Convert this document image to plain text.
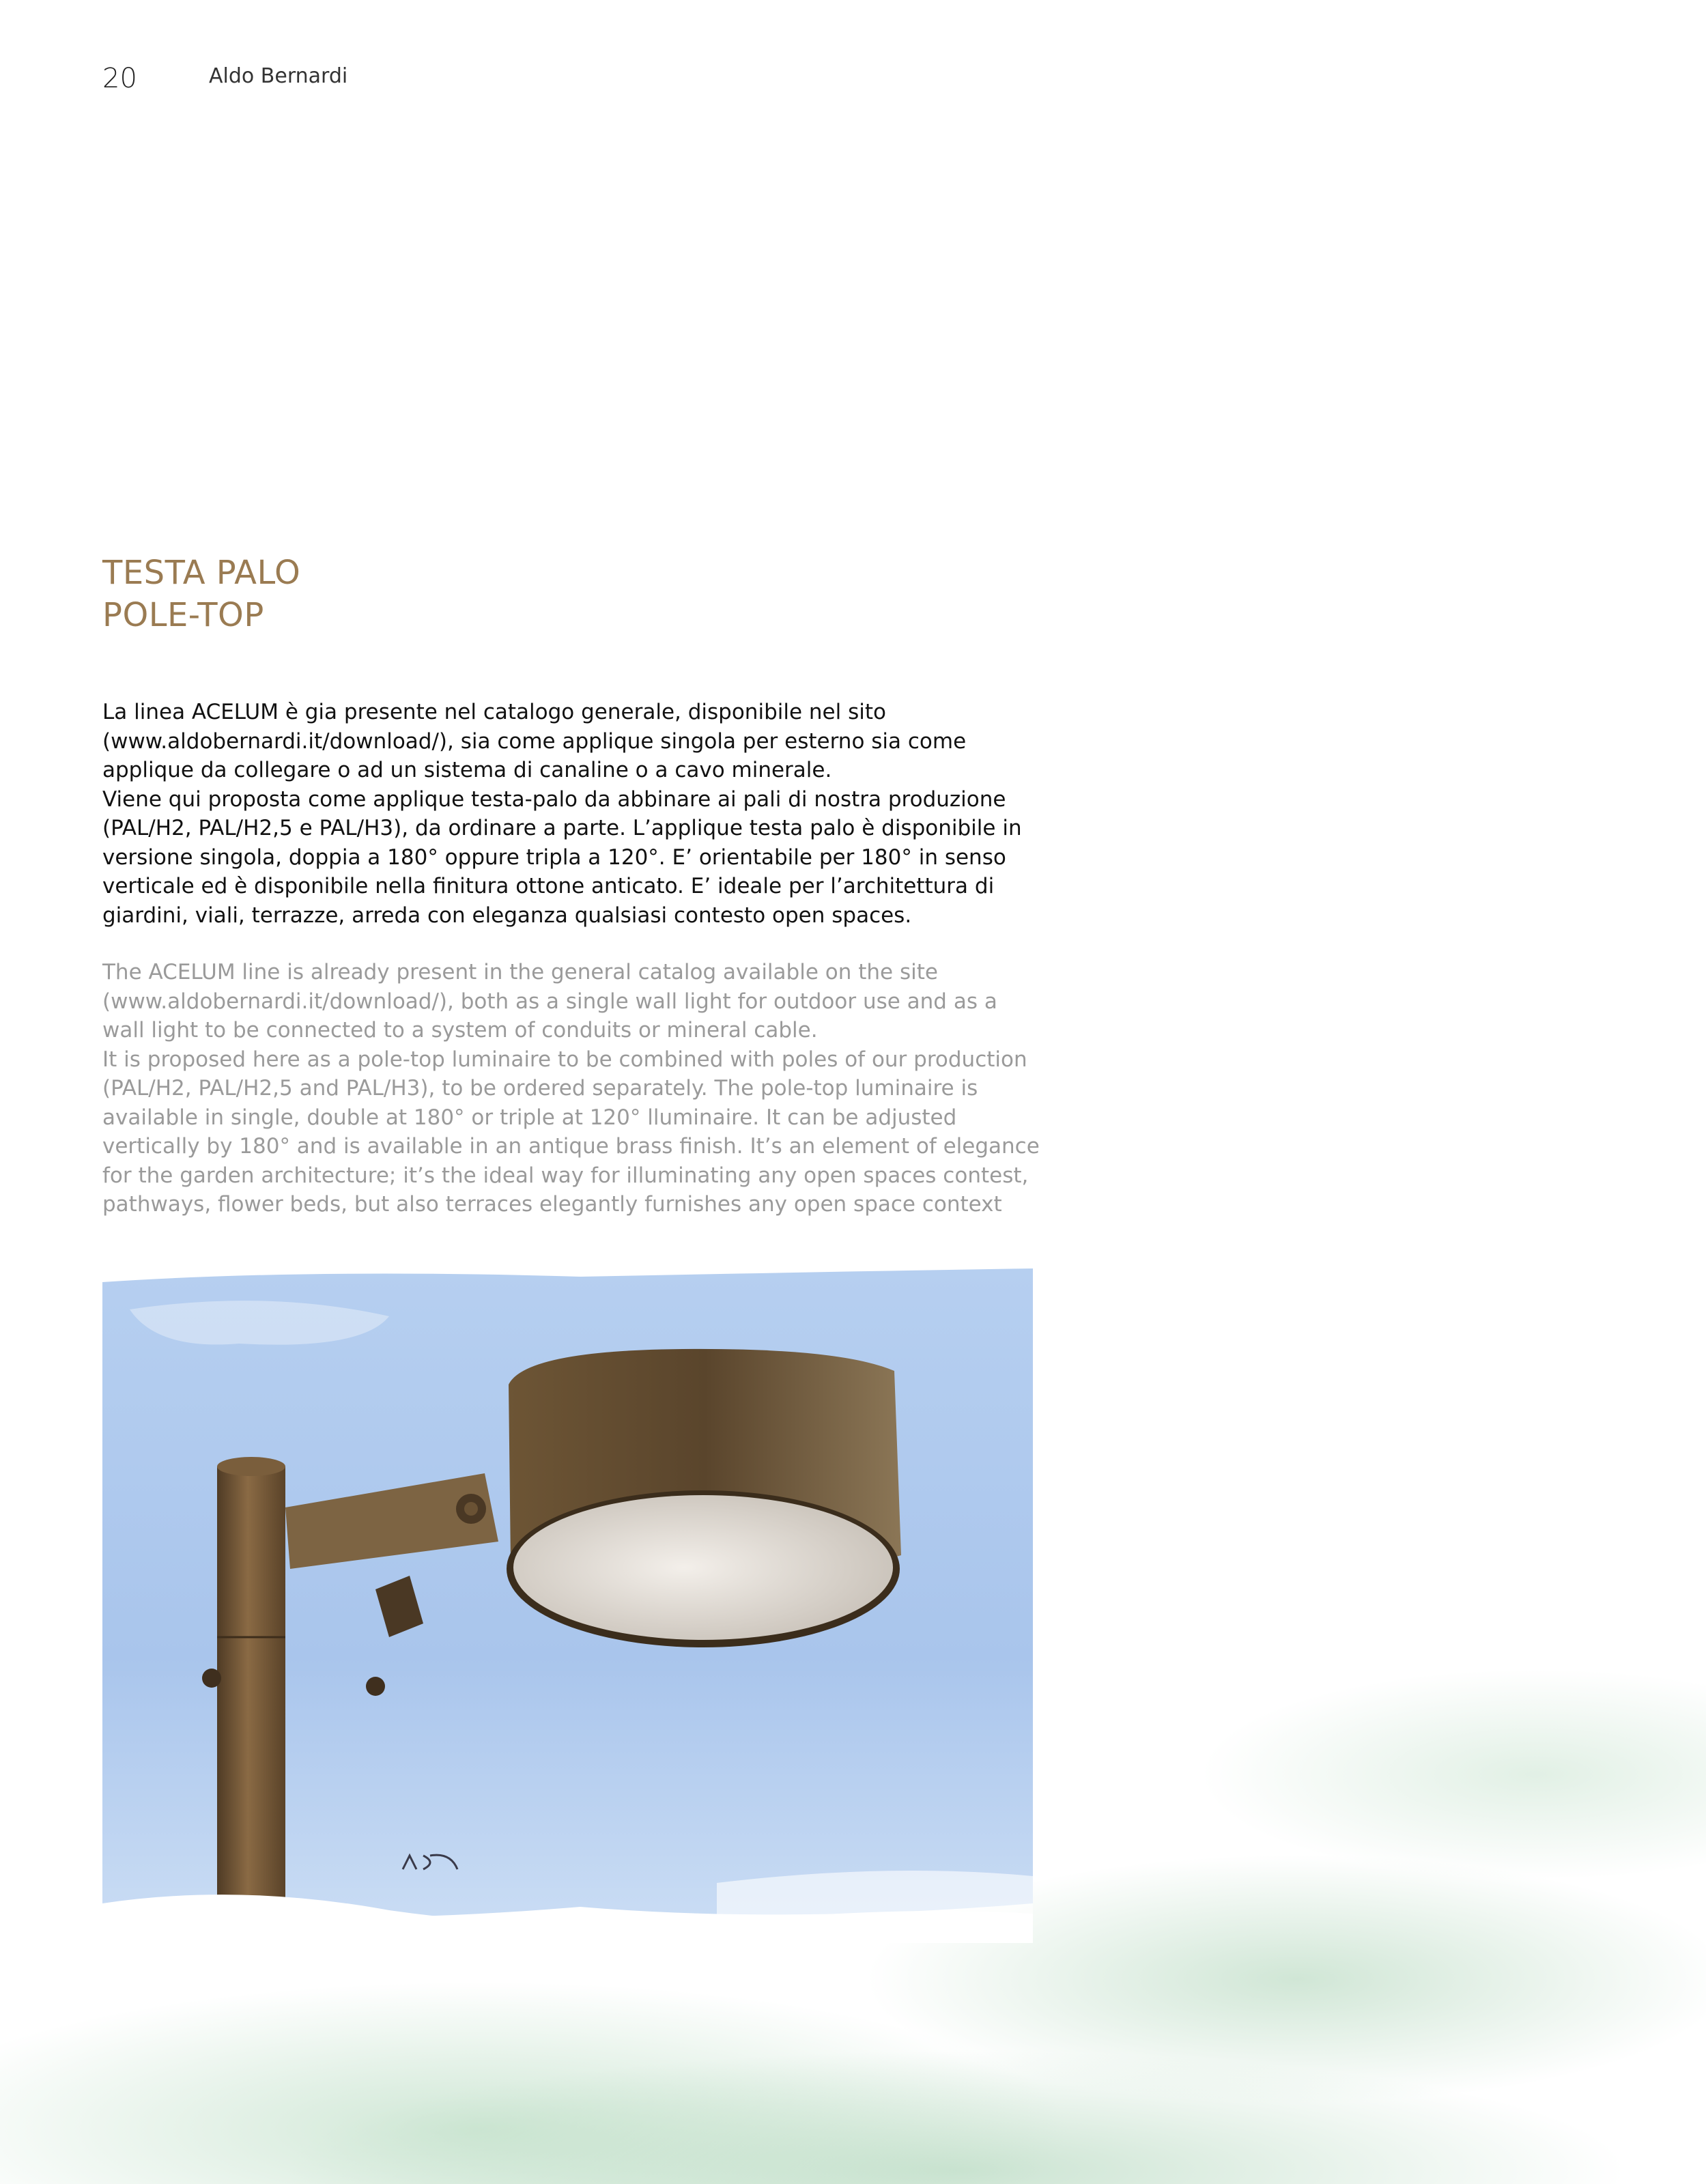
20	Aldo Bernardi
TESTA PALO
POLE-TOP

La linea ACELUM è gia presente nel catalogo generale, disponibile nel sito (www.aldobernardi.it/download/), sia come applique singola per esterno sia come applique da collegare o ad un sistema di canaline o a cavo minerale.

Viene qui proposta come applique testa-palo da abbinare ai pali di nostra produzione (PAL/H2, PAL/H2,5 e PAL/H3), da ordinare a parte. L’applique testa palo è disponibile in versione singola, doppia a 180° oppure tripla a 120°. E’ orientabile per 180° in senso verticale ed è disponibile nella finitura ottone anticato. E’ ideale per l’architettura di giardini, viali, terrazze, arreda con eleganza qualsiasi contesto open spaces.

The ACELUM line is already present in the general catalog available on the site (www.aldobernardi.it/download/), both as a single wall light for outdoor use and as a wall light to be connected to a system of conduits or mineral cable.

It is proposed here as a pole-top luminaire to be combined with poles of our production (PAL/H2, PAL/H2,5 and PAL/H3), to be ordered separately. The pole-top luminaire is available in single, double at 180° or triple at 120° lluminaire. It can be adjusted vertically by 180° and is available in an antique brass finish. It’s an element of elegance for the garden architecture; it’s the ideal way for illuminating any open spaces contest, pathways, flower beds, but also terraces elegantly furnishes any open space context
